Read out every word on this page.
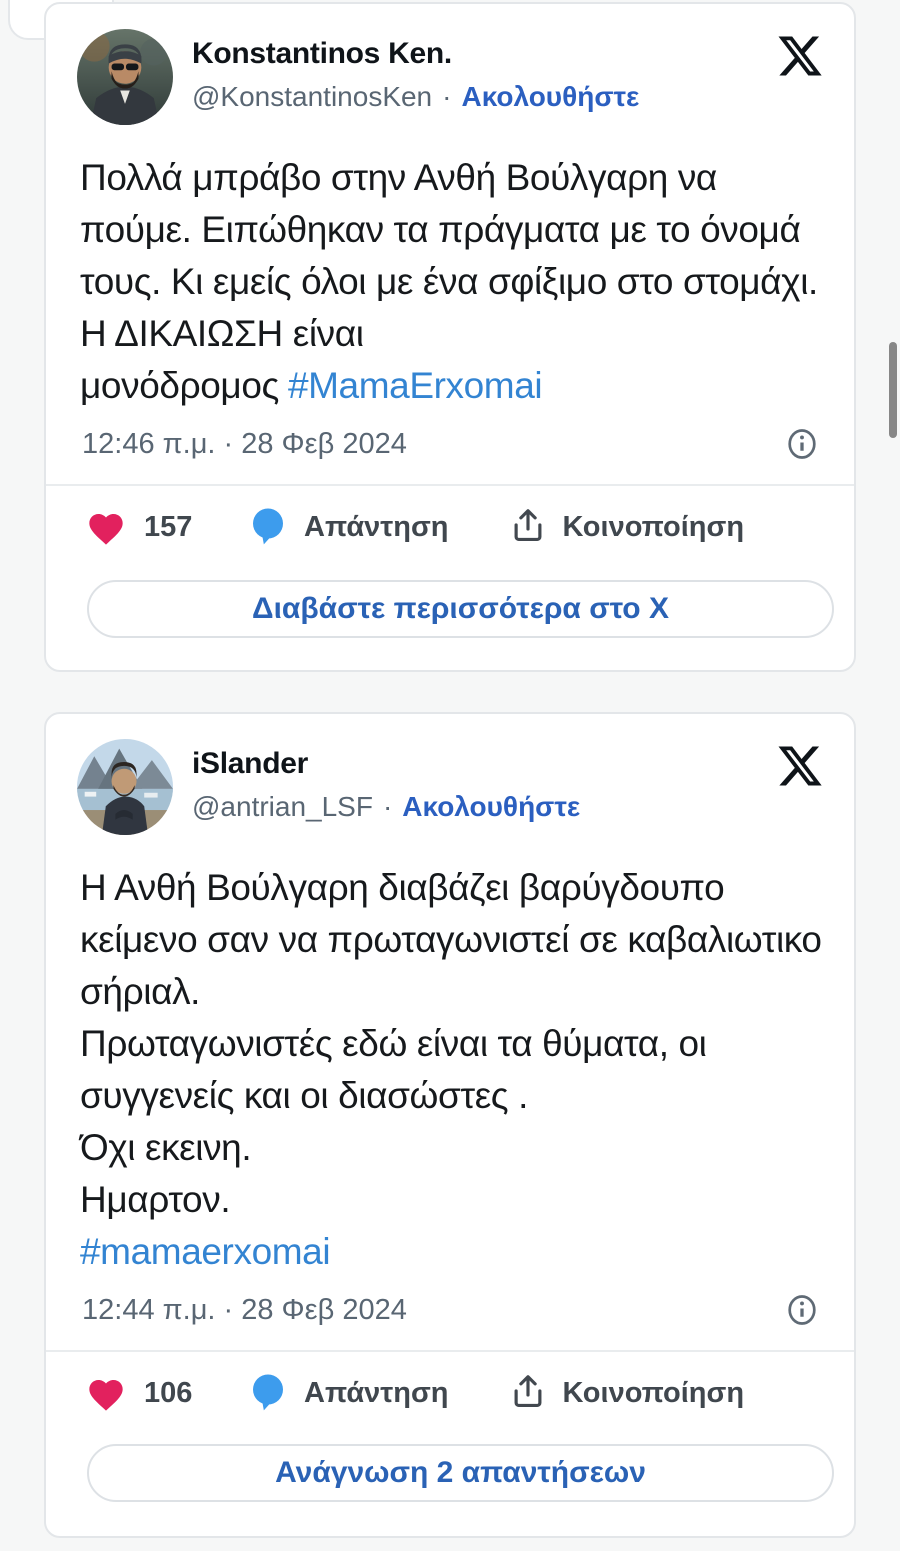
Konstantinos Ken.
@KonstantinosKen · Ακολουθήστε

Πολλά μπράβο στην Ανθή Βούλγαρη να πούμε. Ειπώθηκαν τα πράγματα με το όνομά τους. Κι εμείς όλοι με ένα σφίξιμο στο στομάχι. Η ΔΙΚΑΙΩΣΗ είναι μονόδρομος #MamaErxomai

12:46 π.μ. · 28 Φεβ 2024
157	Απάντηση	Κοινοποίηση
Διαβάστε περισσότερα στο X
iSlander
@antrian_LSF · Ακολουθήστε

Η Ανθή Βούλγαρη διαβάζει βαρύγδουπο κείμενο σαν να πρωταγωνιστεί σε καβαλιωτικο σήριαλ.

Πρωταγωνιστές εδώ είναι τα θύματα, οι συγγενείς και οι διασώστες .

Όχι εκεινη.

Ημαρτον.

#mamaerxomai
12:44 π.μ. · 28 Φεβ 2024
106	Απάντηση	Κοινοποίηση
Ανάγνωση 2 απαντήσεων
